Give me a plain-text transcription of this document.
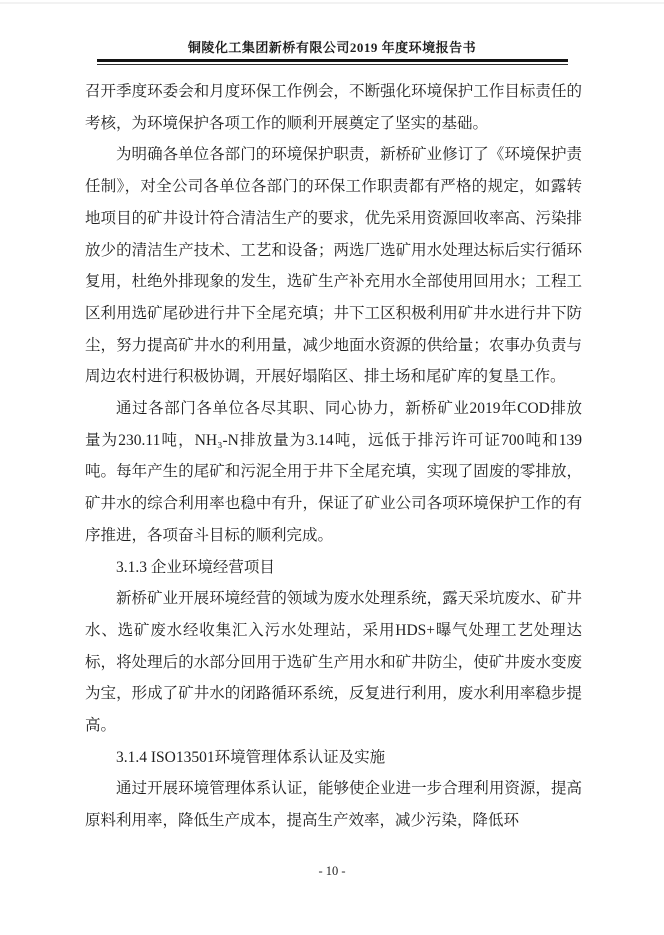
铜陵化工集团新桥有限公司2019 年度环境报告书

召开季度环委会和月度环保工作例会，不断强化环境保护工作目标责任的考核，为环境保护各项工作的顺利开展奠定了坚实的基础。

为明确各单位各部门的环境保护职责，新桥矿业修订了《环境保护责任制》，对全公司各单位各部门的环保工作职责都有严格的规定，如露转地项目的矿井设计符合清洁生产的要求，优先采用资源回收率高、污染排放少的清洁生产技术、工艺和设备；两选厂选矿用水处理达标后实行循环复用，杜绝外排现象的发生，选矿生产补充用水全部使用回用水；工程工区利用选矿尾砂进行井下全尾充填；井下工区积极利用矿井水进行井下防尘，努力提高矿井水的利用量，减少地面水资源的供给量；农事办负责与周边农村进行积极协调，开展好塌陷区、排土场和尾矿库的复垦工作。

通过各部门各单位各尽其职、同心协力，新桥矿业2019年COD排放量为230.11吨，NH₃-N排放量为3.14吨，远低于排污许可证700吨和139吨。每年产生的尾矿和污泥全用于井下全尾充填，实现了固废的零排放，矿井水的综合利用率也稳中有升，保证了矿业公司各项环境保护工作的有序推进，各项奋斗目标的顺利完成。

3.1.3 企业环境经营项目

新桥矿业开展环境经营的领域为废水处理系统，露天采坑废水、矿井水、选矿废水经收集汇入污水处理站，采用HDS+曝气处理工艺处理达标，将处理后的水部分回用于选矿生产用水和矿井防尘，使矿井废水变废为宝，形成了矿井水的闭路循环系统，反复进行利用，废水利用率稳步提高。

3.1.4 ISO13501环境管理体系认证及实施

通过开展环境管理体系认证，能够使企业进一步合理利用资源，提高原料利用率，降低生产成本，提高生产效率，减少污染，降低环

- 10 -
